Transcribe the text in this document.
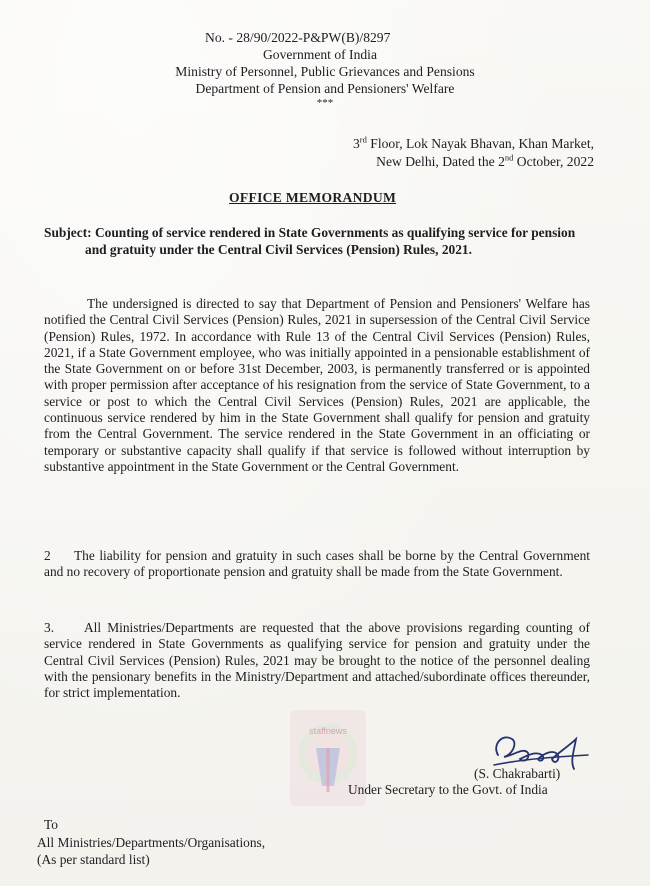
No. - 28/90/2022-P&PW(B)/8297
Government of India
Ministry of Personnel, Public Grievances and Pensions
Department of Pension and Pensioners' Welfare
***
3rd Floor, Lok Nayak Bhavan, Khan Market,
New Delhi, Dated the 2nd October, 2022
OFFICE MEMORANDUM
Subject: Counting of service rendered in State Governments as qualifying service for pension and gratuity under the Central Civil Services (Pension) Rules, 2021.
The undersigned is directed to say that Department of Pension and Pensioners' Welfare has notified the Central Civil Services (Pension) Rules, 2021 in supersession of the Central Civil Service (Pension) Rules, 1972. In accordance with Rule 13 of the Central Civil Services (Pension) Rules, 2021, if a State Government employee, who was initially appointed in a pensionable establishment of the State Government on or before 31st December, 2003, is permanently transferred or is appointed with proper permission after acceptance of his resignation from the service of State Government, to a service or post to which the Central Civil Services (Pension) Rules, 2021 are applicable, the continuous service rendered by him in the State Government shall qualify for pension and gratuity from the Central Government. The service rendered in the State Government in an officiating or temporary or substantive capacity shall qualify if that service is followed without interruption by substantive appointment in the State Government or the Central Government.
2 The liability for pension and gratuity in such cases shall be borne by the Central Government and no recovery of proportionate pension and gratuity shall be made from the State Government.
3. All Ministries/Departments are requested that the above provisions regarding counting of service rendered in State Governments as qualifying service for pension and gratuity under the Central Civil Services (Pension) Rules, 2021 may be brought to the notice of the personnel dealing with the pensionary benefits in the Ministry/Department and attached/subordinate offices thereunder, for strict implementation.
staffnews
(S. Chakrabarti)
Under Secretary to the Govt. of India
To
All Ministries/Departments/Organisations,
(As per standard list)
